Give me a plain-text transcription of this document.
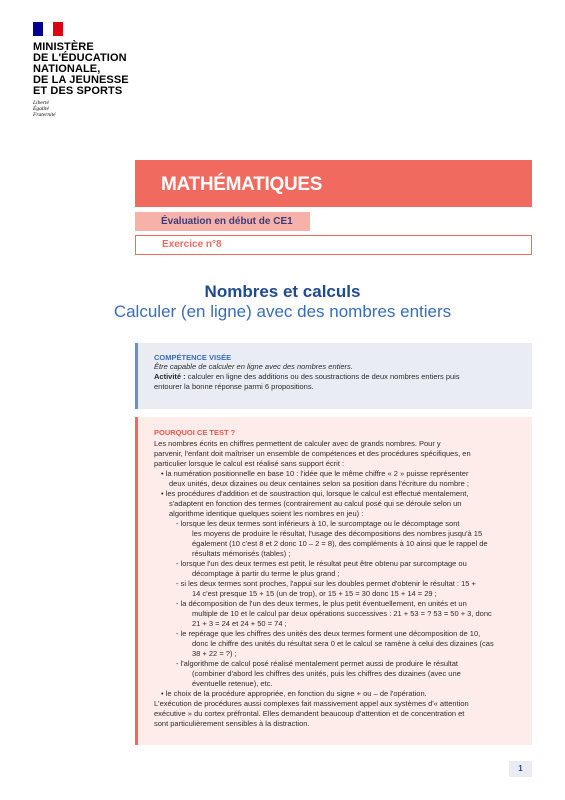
MINISTÈRE
DE L'ÉDUCATION
NATIONALE,
DE LA JEUNESSE
ET DES SPORTS
Liberté
Égalité
Fraternité
MATHÉMATIQUES
Évaluation en début de CE1
Exercice n°8
Nombres et calculs
Calculer (en ligne) avec des nombres entiers
COMPÉTENCE VISÉE
Être capable de calculer en ligne avec des nombres entiers.
Activité : calculer en ligne des additions ou des soustractions de deux nombres entiers puis
entourer la bonne réponse parmi 6 propositions.
POURQUOI CE TEST ?
Les nombres écrits en chiffres permettent de calculer avec de grands nombres. Pour y
parvenir, l'enfant doit maîtriser un ensemble de compétences et des procédures spécifiques, en
particulier lorsque le calcul est réalisé sans support écrit :
• la numération positionnelle en base 10 : l'idée que le même chiffre « 2 » puisse représenter
deux unités, deux dizaines ou deux centaines selon sa position dans l'écriture du nombre ;
• les procédures d'addition et de soustraction qui, lorsque le calcul est effectué mentalement,
s'adaptent en fonction des termes (contrairement au calcul posé qui se déroule selon un
algorithme identique quelques soient les nombres en jeu) :
- lorsque les deux termes sont inférieurs à 10, le surcomptage ou le décomptage sont
les moyens de produire le résultat, l'usage des décompositions des nombres jusqu'à 15
également (10 c'est 8 et 2 donc 10 – 2 = 8), des compléments à 10 ainsi que le rappel de
résultats mémorisés (tables) ;
- lorsque l'un des deux termes est petit, le résultat peut être obtenu par surcomptage ou
décomptage à partir du terme le plus grand ;
- si les deux termes sont proches, l'appui sur les doubles permet d'obtenir le résultat : 15 +
14 c'est presque 15 + 15 (un de trop), or 15 + 15 = 30 donc 15 + 14 = 29 ;
- la décomposition de l'un des deux termes, le plus petit éventuellement, en unités et un
multiple de 10 et le calcul par deux opérations successives : 21 + 53 = ? 53 = 50 + 3, donc
21 + 3 = 24 et 24 + 50 = 74 ;
- le repérage que les chiffres des unités des deux termes forment une décomposition de 10,
donc le chiffre des unités du résultat sera 0 et le calcul se ramène à celui des dizaines (cas
38 + 22 = ?) ;
- l'algorithme de calcul posé réalisé mentalement permet aussi de produire le résultat
(combiner d'abord les chiffres des unités, puis les chiffres des dizaines (avec une
éventuelle retenue), etc.
• le choix de la procédure appropriée, en fonction du signe + ou – de l'opération.
L'exécution de procédures aussi complexes fait massivement appel aux systèmes d'« attention
exécutive » du cortex préfrontal. Elles demandent beaucoup d'attention et de concentration et
sont particulièrement sensibles à la distraction.
1
